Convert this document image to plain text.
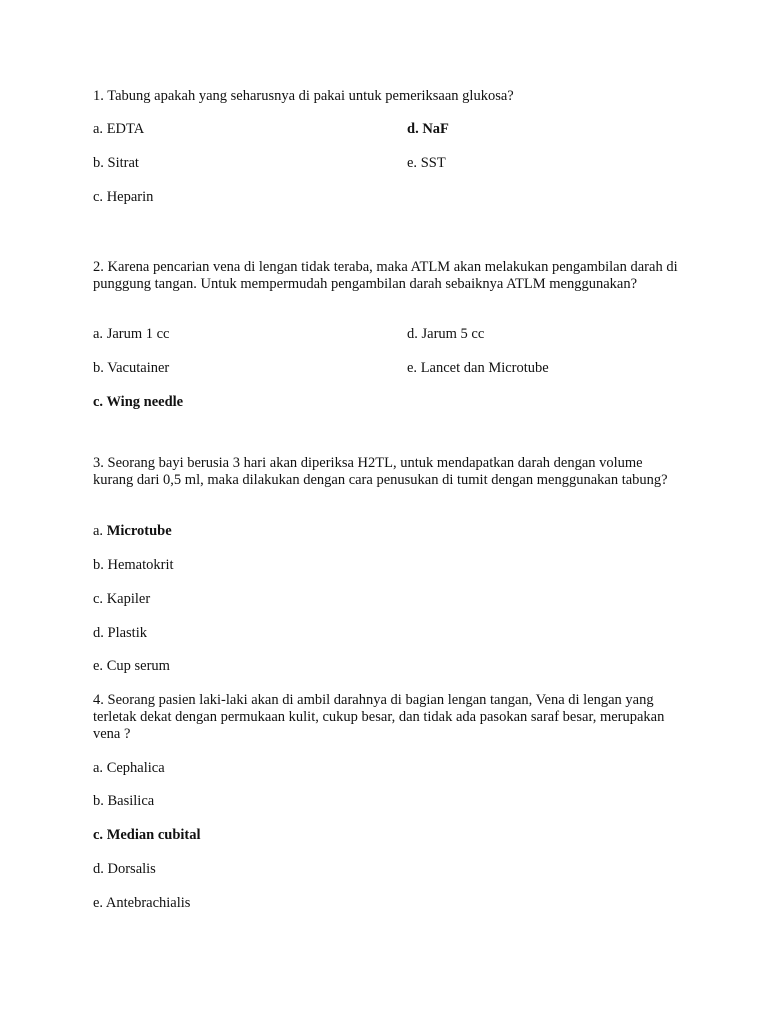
1. Tabung apakah yang seharusnya di pakai untuk pemeriksaan glukosa?
a. EDTA
b. Sitrat
c. Heparin
d. NaF
e. SST
2. Karena pencarian vena di lengan tidak teraba, maka ATLM akan melakukan pengambilan darah di punggung tangan. Untuk mempermudah pengambilan darah sebaiknya ATLM menggunakan?
a. Jarum 1 cc
b. Vacutainer
c. Wing needle
d. Jarum 5 cc
e. Lancet dan Microtube
3. Seorang bayi berusia 3 hari akan diperiksa H2TL, untuk mendapatkan darah dengan volume kurang dari 0,5 ml, maka dilakukan dengan cara penusukan di tumit dengan menggunakan tabung?
a. Microtube
b. Hematokrit
c. Kapiler
d. Plastik
e. Cup serum
4. Seorang pasien laki-laki akan di ambil darahnya di bagian lengan tangan, Vena di lengan yang terletak dekat dengan permukaan kulit, cukup besar, dan tidak ada pasokan saraf besar, merupakan vena ?
a. Cephalica
b. Basilica
c. Median cubital
d. Dorsalis
e. Antebrachialis
